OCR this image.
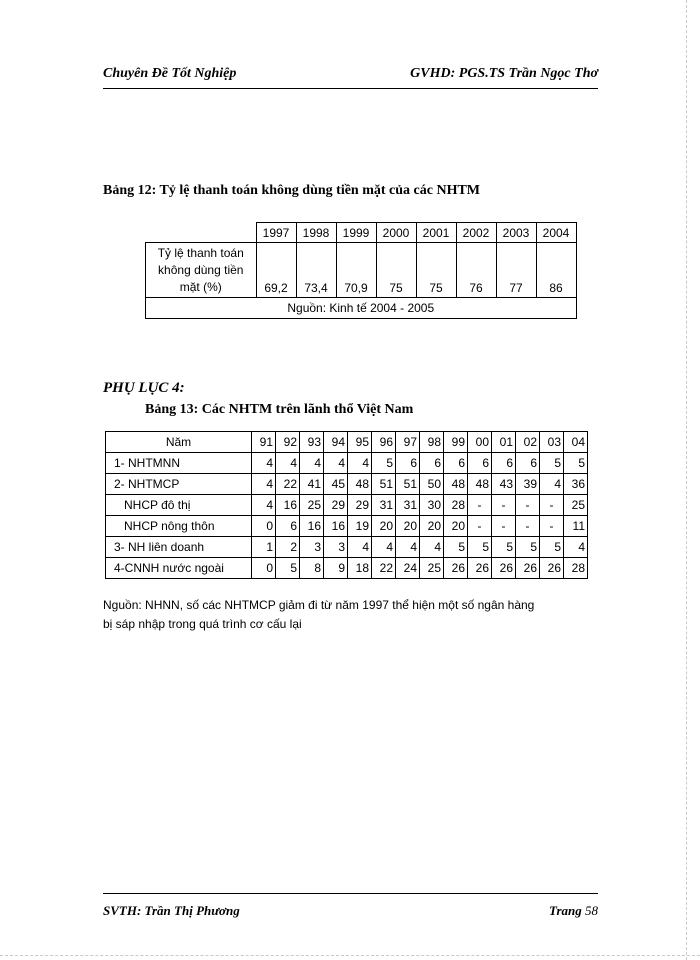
Chuyên Đề Tốt Nghiệp	GVHD: PGS.TS Trần Ngọc Thơ
Bảng 12: Tỷ lệ thanh toán không dùng tiền mặt của các NHTM
	1997	1998	1999	2000	2001	2002	2003	2004

Tỷ lệ thanh toán
không dùng tiền
mặt (%)	69,2	73,4	70,9	75	75	76	77	86
Nguồn: Kinh tế 2004 - 2005								
PHỤ LỤC 4:
Bảng 13: Các NHTM trên lãnh thổ Việt Nam
Năm	91	92	93	94	95	96	97	98	99	00	01	02	03	04
1- NHTMNN	4	4	4	4	4	5	6	6	6	6	6	6	5	5
2- NHTMCP	4	22	41	45	48	51	51	50	48	48	43	39	4	36
NHCP đô thị	4	16	25	29	29	31	31	30	28	-	-	-	-	25
NHCP nông thôn	0	6	16	16	19	20	20	20	20	-	-	-	-	11
3- NH liên doanh	1	2	3	3	4	4	4	4	5	5	5	5	5	4
4-CNNH nước ngoài	0	5	8	9	18	22	24	25	26	26	26	26	26	28
Nguồn: NHNN, số các NHTMCP giảm đi từ năm 1997 thể hiện một số ngân hàng
bị sáp nhập trong quá trình cơ cấu lại
SVTH: Trần Thị Phương	Trang 58
